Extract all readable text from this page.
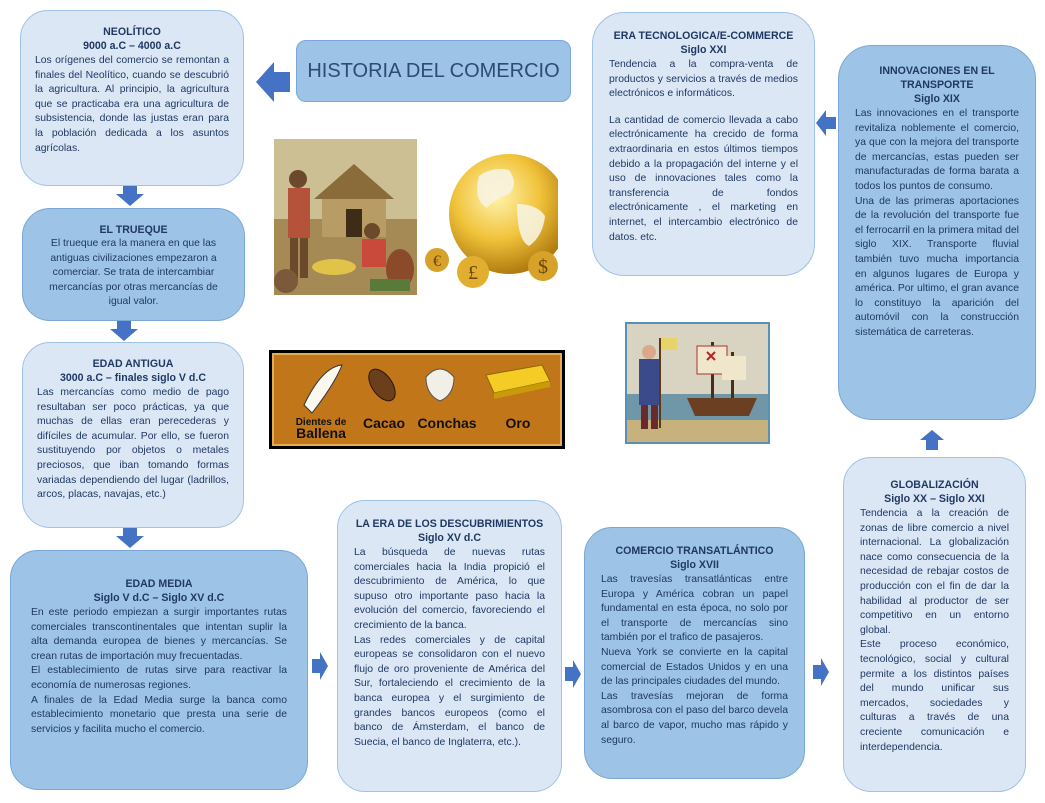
HISTORIA DEL COMERCIO
NEOLÍTICO
9000 a.C – 4000 a.C

Los orígenes del comercio se remontan a finales del Neolítico, cuando se descubrió la agricultura. Al principio, la agricultura que se practicaba era una agricultura de subsistencia, donde las justas eran para la población dedicada a los asuntos agrícolas.

EL TRUEQUE

El trueque era la manera en que las antiguas civilizaciones empezaron a comerciar. Se trata de intercambiar mercancías por otras mercancías de igual valor.

EDAD ANTIGUA
3000 a.C – finales siglo V d.C

Las mercancías como medio de pago resultaban ser poco prácticas, ya que muchas de ellas eran perecederas y difíciles de acumular. Por ello, se fueron sustituyendo por objetos o metales preciosos, que iban tomando formas variadas dependiendo del lugar (ladrillos, arcos, placas, navajas, etc.)

EDAD MEDIA
Siglo V d.C – Siglo XV d.C

En este periodo empiezan a surgir importantes rutas comerciales transcontinentales que intentan suplir la alta demanda europea de bienes y mercancías. Se crean rutas de importación muy frecuentadas.

El establecimiento de rutas sirve para reactivar la economía de numerosas regiones.

A finales de la Edad Media surge la banca como establecimiento monetario que presta una serie de servicios y facilita mucho el comercio.

LA ERA DE LOS DESCUBRIMIENTOS
Siglo XV d.C

La búsqueda de nuevas rutas comerciales hacia la India propició el descubrimiento de América, lo que supuso otro importante paso hacia la evolución del comercio, favoreciendo el crecimiento de la banca.

Las redes comerciales y de capital europeas se consolidaron con el nuevo flujo de oro proveniente de América del Sur, fortaleciendo el crecimiento de la banca europea y el surgimiento de grandes bancos europeos (como el banco de Ámsterdam, el banco de Suecia, el banco de Inglaterra, etc.).

COMERCIO TRANSATLÁNTICO
Siglo XVII

Las travesías transatlánticas entre Europa y América cobran un papel fundamental en esta época, no solo por el transporte de mercancías sino también por el trafico de pasajeros.

Nueva York se convierte en la capital comercial de Estados Unidos y en una de las principales ciudades del mundo.

Las travesías mejoran de forma asombrosa con el paso del barco devela al barco de vapor, mucho mas rápido y seguro.

GLOBALIZACIÓN
Siglo XX – Siglo XXI

Tendencia a la creación de zonas de libre comercio a nivel internacional. La globalización nace como consecuencia de la necesidad de rebajar costos de producción con el fin de dar la habilidad al productor de ser competitivo en un entorno global.

Este proceso económico, tecnológico, social y cultural permite a los distintos países del mundo unificar sus mercados, sociedades y culturas a través de una creciente comunicación e interdependencia.

INNOVACIONES EN EL TRANSPORTE
Siglo XIX

Las innovaciones en el transporte revitaliza noblemente el comercio, ya que con la mejora del transporte de mercancías, estas pueden ser manufacturadas de forma barata a todos los puntos de consumo.

Una de las primeras aportaciones de la revolución del transporte fue el ferrocarril en la primera mitad del siglo XIX. Transporte fluvial también tuvo mucha importancia en algunos lugares de Europa y américa. Por ultimo, el gran avance lo constituyo la aparición del automóvil con la construcción sistemática de carreteras.

ERA TECNOLOGICA/E-COMMERCE
Siglo XXI

Tendencia a la compra-venta de productos y servicios a través de medios electrónicos e informáticos.

La cantidad de comercio llevada a cabo electrónicamente ha crecido de forma extraordinaria en estos últimos tiempos debido a la propagación del interne y el uso de innovaciones tales como la transferencia de fondos electrónicamente , el marketing en internet, el intercambio electrónico de datos. etc.

€
£	$
Dientes de
Ballena
Cacao Conchas	Oro
